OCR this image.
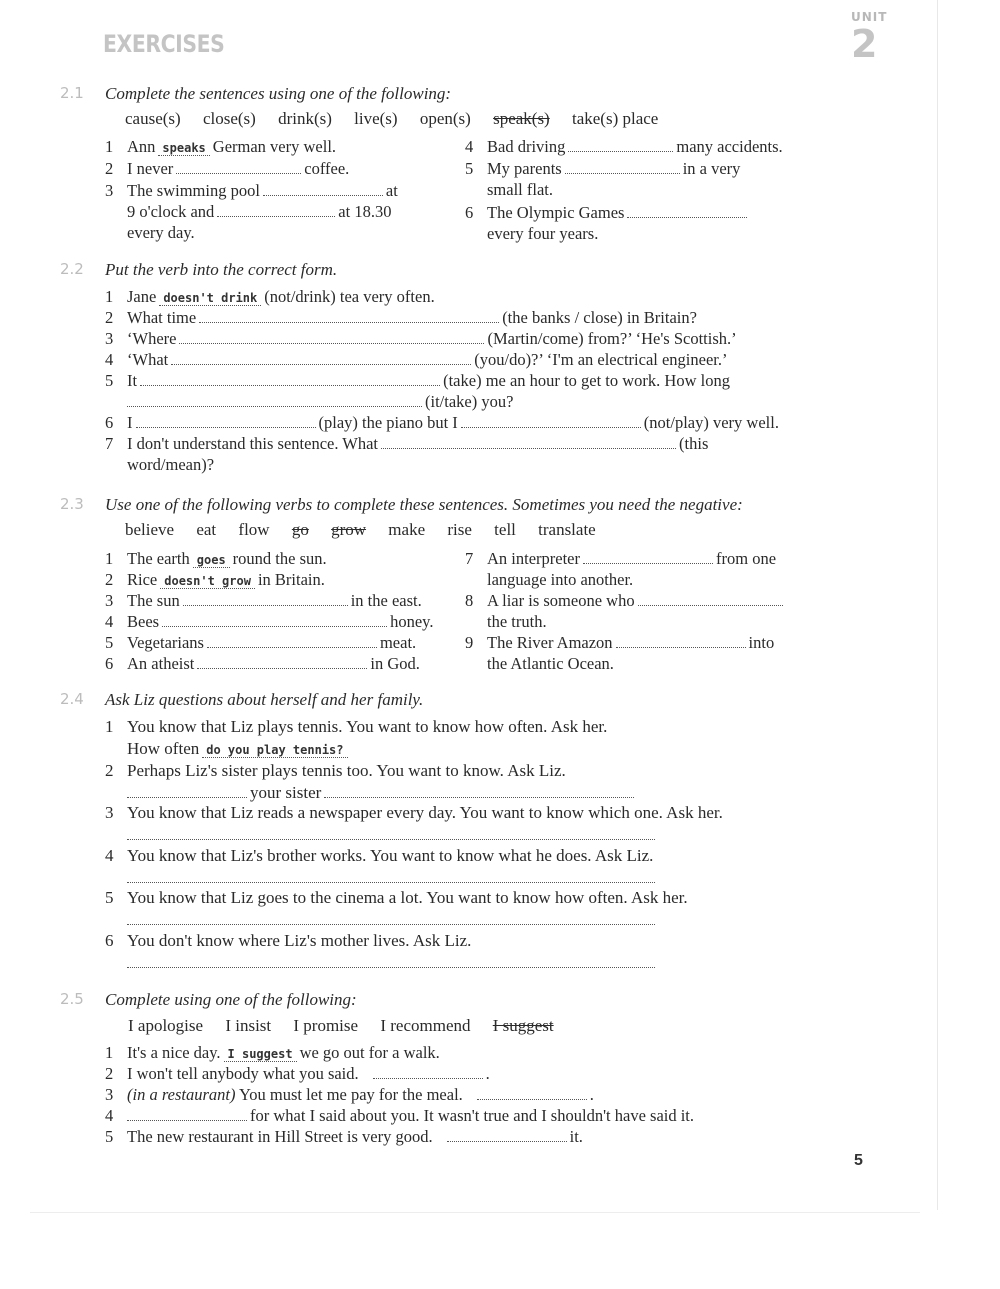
EXERCISES
UNIT
2
2.1 Complete the sentences using one of the following:
cause(s) close(s) drink(s) live(s) open(s) speak(s) take(s) place
1 Ann speaks German very well.
2 I never	coffee.
3 The swimming pool	at
9 o'clock and	at 18.30
every day.
4 Bad driving	many accidents.
5 My parents	in a very
small flat.
6 The Olympic Games
every four years.
2.2 Put the verb into the correct form.
1 Jane doesn't drink (not/drink) tea very often.
2 What time	(the banks / close) in Britain?
3 ‘Where	(Martin/come) from?’ ‘He's Scottish.’
4 ‘What	(you/do)?’ ‘I'm an electrical engineer.’
5 It	(take) me an hour to get to work. How long
(it/take) you?
6 I	(play) the piano but I	(not/play) very well.
7 I don't understand this sentence. What	(this
word/mean)?
2.3 Use one of the following verbs to complete these sentences. Sometimes you need the negative:
believe eat flow go grow make rise tell translate
1 The earth goes round the sun.
2 Rice doesn't grow in Britain.
3 The sun	in the east.
4 Bees	honey.
5 Vegetarians	meat.
6 An atheist	in God.
7 An interpreter	from one
language into another.
8 A liar is someone who
the truth.
9 The River Amazon	into
the Atlantic Ocean.
2.4 Ask Liz questions about herself and her family.
1 You know that Liz plays tennis. You want to know how often. Ask her.
How often do you play tennis?
2 Perhaps Liz's sister plays tennis too. You want to know. Ask Liz.
your sister
3 You know that Liz reads a newspaper every day. You want to know which one. Ask her.

4 You know that Liz's brother works. You want to know what he does. Ask Liz.

5 You know that Liz goes to the cinema a lot. You want to know how often. Ask her.

6 You don't know where Liz's mother lives. Ask Liz.

2.5 Complete using one of the following:
I apologise I insist I promise I recommend I suggest
1 It's a nice day. I suggest we go out for a walk.
2 I won't tell anybody what you said.	.
3 (in a restaurant) You must let me pay for the meal.	.
4	for what I said about you. It wasn't true and I shouldn't have said it.
5 The new restaurant in Hill Street is very good.	it.
5
